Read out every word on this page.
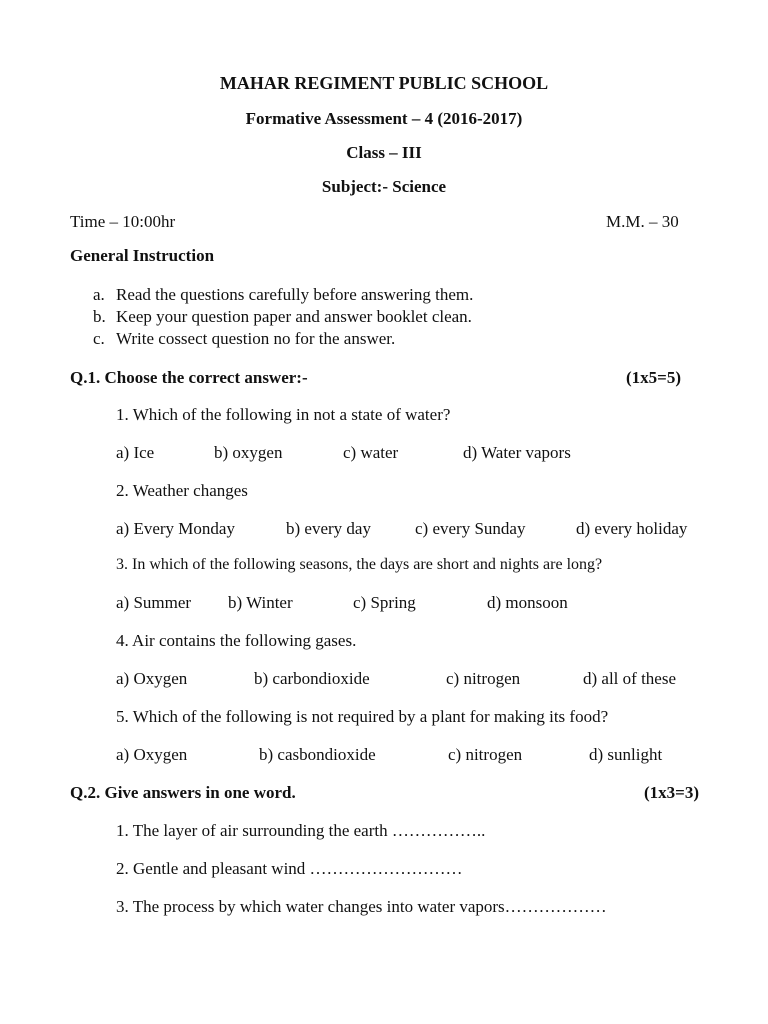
MAHAR REGIMENT PUBLIC SCHOOL
Formative Assessment – 4 (2016-2017)
Class – III
Subject:- Science
Time – 10:00hr	M.M. – 30
General Instruction
a. Read the questions carefully before answering them.
b. Keep your question paper and answer booklet clean.
c. Write cossect question no for the answer.
Q.1. Choose the correct answer:-	(1x5=5)
1. Which of the following in not a state of water?
a) Ice	b) oxygen	c) water	d) Water vapors
2. Weather changes
a) Every Monday	b) every day	c) every Sunday	d) every holiday
3. In which of the following seasons, the days are short and nights are long?
a) Summer b) Winter	c) Spring	d) monsoon
4. Air contains the following gases.
a) Oxygen	b) carbondioxide	c) nitrogen	d) all of these
5. Which of the following is not required by a plant for making its food?
a) Oxygen	b) casbondioxide	c) nitrogen	d) sunlight
Q.2. Give answers in one word.	(1x3=3)
1. The layer of air surrounding the earth ……………..
2. Gentle and pleasant wind ………………………
3. The process by which water changes into water vapors………………
